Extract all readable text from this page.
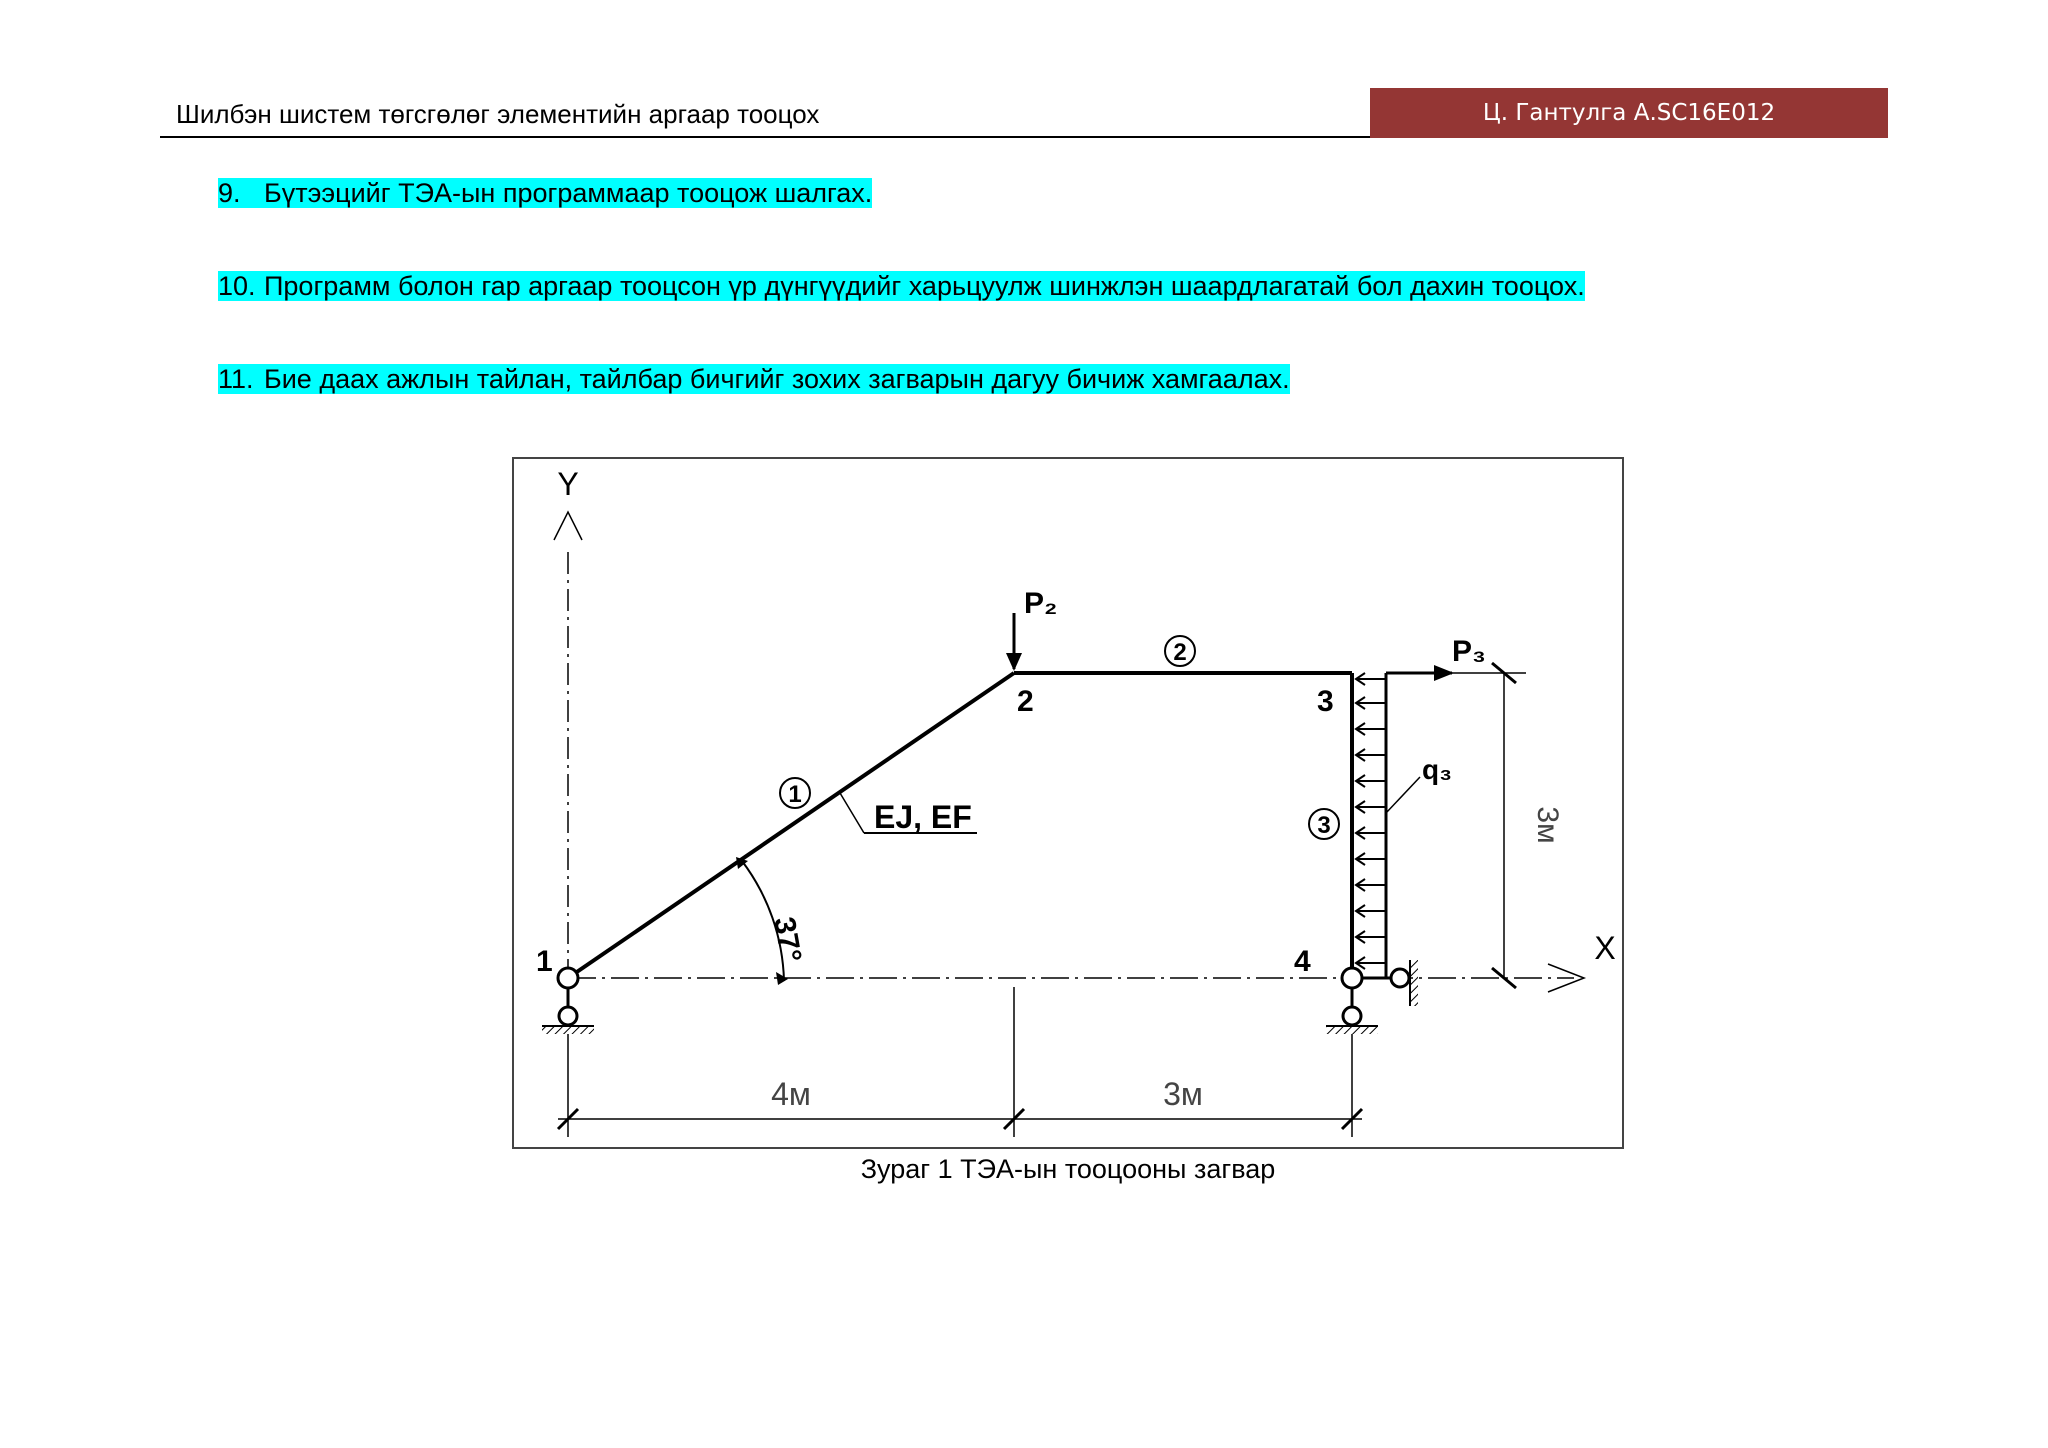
Шилбэн шистем төгсгөлөг элементийн аргаар тооцох	Ц. Гантулга А.SC16E012
9. Бүтээцийг ТЭА-ын программаар тооцож шалгах.
10. Программ болон гар аргаар тооцсон үр дүнгүүдийг харьцуулж шинжлэн шаардлагатай бол дахин тооцох.
11. Бие даах ажлын тайлан, тайлбар бичгийг зохих загварын дагуу бичиж хамгаалах.
Y
X
q₃
P₂
P₃
1
2
3
EJ, EF
37°
1
2	3
4
3м
4м	3м
Зураг 1 ТЭА-ын тооцооны загвар
